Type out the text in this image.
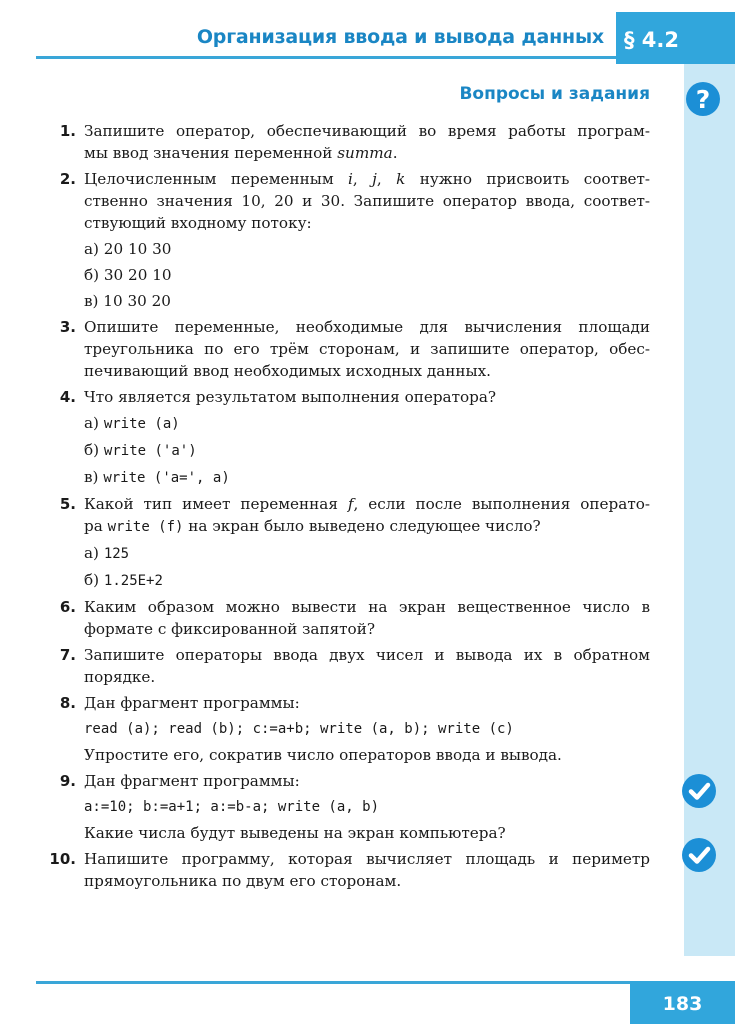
Организация ввода и вывода данных § 4.2
?
Вопросы и задания
1. Запишите оператор, обеспечивающий во время работы програм-
мы ввод значения переменной summa.
2. Целочисленным переменным i, j, k нужно присвоить соответ-
ственно значения 10, 20 и 30. Запишите оператор ввода, соответ-
ствующий входному потоку:
а) 20 10 30
б) 30 20 10
в) 10 30 20
3. Опишите переменные, необходимые для вычисления площади
треугольника по его трём сторонам, и запишите оператор, обес-
печивающий ввод необходимых исходных данных.
4. Что является результатом выполнения оператора?
а) write (a)
б) write ('a')
в) write ('a=', a)
5. Какой тип имеет переменная f, если после выполнения операто-
ра write (f) на экран было выведено следующее число?
а) 125
б) 1.25E+2
6. Каким образом можно вывести на экран вещественное число в
формате с фиксированной запятой?
7. Запишите операторы ввода двух чисел и вывода их в обратном
порядке.
8. Дан фрагмент программы:
read (a); read (b); c:=a+b; write (a, b); write (c)
Упростите его, сократив число операторов ввода и вывода.
9. Дан фрагмент программы:
a:=10; b:=a+1; a:=b-a; write (a, b)
Какие числа будут выведены на экран компьютера?
10. Напишите программу, которая вычисляет площадь и периметр
прямоугольника по двум его сторонам.
183
